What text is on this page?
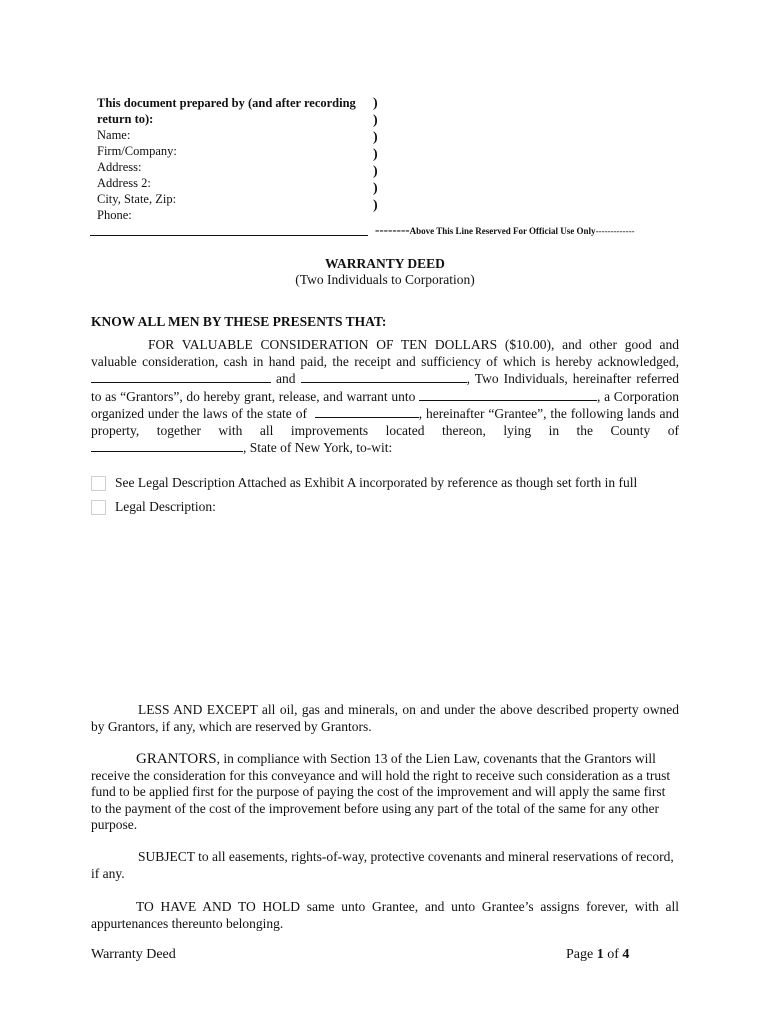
This document prepared by (and after recording
return to):
Name:
Firm/Company:
Address:
Address 2:
City, State, Zip:
Phone:
)
)
)
)
)
)
)
--------Above This Line Reserved For Official Use Only-------------
WARRANTY DEED
(Two Individuals to Corporation)
KNOW ALL MEN BY THESE PRESENTS THAT:
FOR VALUABLE CONSIDERATION OF TEN DOLLARS ($10.00), and other good and valuable consideration, cash in hand paid, the receipt and sufficiency of which is hereby acknowledged,  and	, Two Individuals, hereinafter referred to as “Grantors”, do hereby grant, release, and warrant unto	, a Corporation organized under the laws of the state of	, hereinafter “Grantee”, the following lands and property, together with all improvements located thereon, lying in the County of , State of New York, to-wit:
See Legal Description Attached as Exhibit A incorporated by reference as though set forth in full
Legal Description:
LESS AND EXCEPT all oil, gas and minerals, on and under the above described property owned by Grantors, if any, which are reserved by Grantors.
GRANTORS, in compliance with Section 13 of the Lien Law, covenants that the Grantors will receive the consideration for this conveyance and will hold the right to receive such consideration as a trust fund to be applied first for the purpose of paying the cost of the improvement and will apply the same first to the payment of the cost of the improvement before using any part of the total of the same for any other purpose.
SUBJECT to all easements, rights-of-way, protective covenants and mineral reservations of record, if any.
TO HAVE AND TO HOLD same unto Grantee, and unto Grantee’s assigns forever, with all appurtenances thereunto belonging.
Warranty Deed	Page 1 of 4
